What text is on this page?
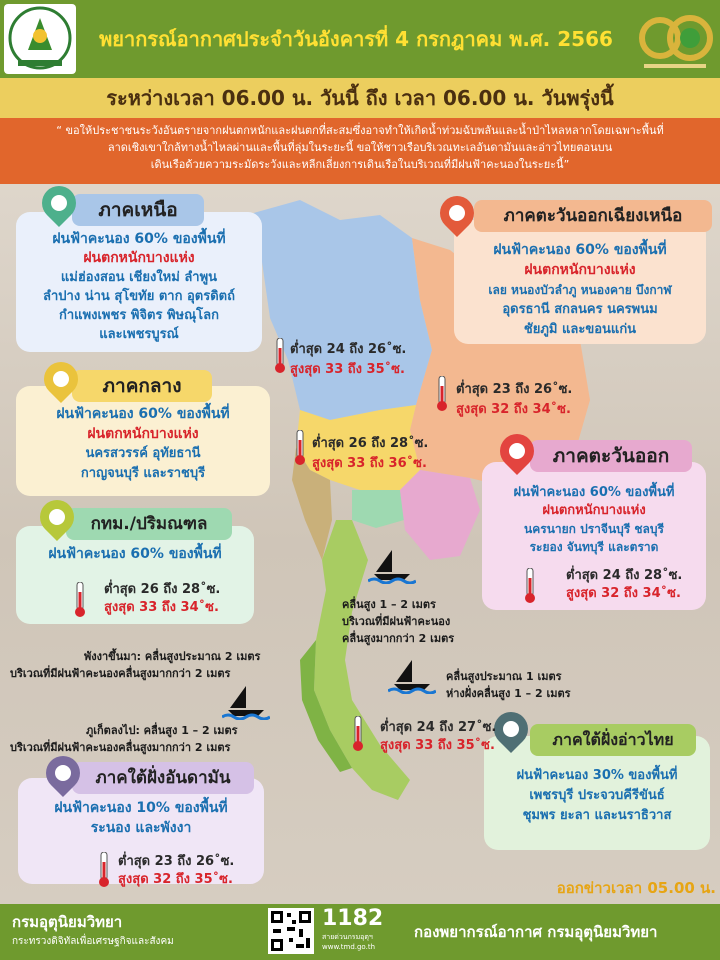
พยากรณ์อากาศประจำวันอังคารที่ 4 กรกฎาคม พ.ศ. 2566
ระหว่างเวลา 06.00 น. วันนี้ ถึง เวลา 06.00 น. วันพรุ่งนี้
“ ขอให้ประชาชนระวังอันตรายจากฝนตกหนักและฝนตกที่สะสมซึ่งอาจทำให้เกิดน้ำท่วมฉับพลันและน้ำป่าไหลหลากโดยเฉพาะพื้นที่
ลาดเชิงเขาใกล้ทางน้ำไหลผ่านและพื้นที่ลุ่มในระยะนี้ ขอให้ชาวเรือบริเวณทะเลอันดามันและอ่าวไทยตอนบน
เดินเรือด้วยความระมัดระวังและหลีกเลี่ยงการเดินเรือในบริเวณที่มีฝนฟ้าคะนองในระยะนี้”
ฝนฟ้าคะนอง 60% ของพื้นที่
ฝนตกหนักบางแห่ง
แม่ฮ่องสอน เชียงใหม่ ลำพูน
ลำปาง น่าน สุโขทัย ตาก อุตรดิตถ์
กำแพงเพชร พิจิตร พิษณุโลก
และเพชรบูรณ์
ภาคเหนือ
ฝนฟ้าคะนอง 60% ของพื้นที่
ฝนตกหนักบางแห่ง
เลย หนองบัวลำภู หนองคาย บึงกาฬ
อุดรธานี สกลนคร นครพนม
ชัยภูมิ และขอนแก่น
ภาคตะวันออกเฉียงเหนือ
ฝนฟ้าคะนอง 60% ของพื้นที่
ฝนตกหนักบางแห่ง
นครสวรรค์ อุทัยธานี
กาญจนบุรี และราชบุรี
ภาคกลาง
ฝนฟ้าคะนอง 60% ของพื้นที่
ฝนตกหนักบางแห่ง
นครนายก ปราจีนบุรี ชลบุรี
ระยอง จันทบุรี และตราด
ภาคตะวันออก
ฝนฟ้าคะนอง 60% ของพื้นที่
กทม./ปริมณฑล
ฝนฟ้าคะนอง 10% ของพื้นที่
ระนอง และพังงา
ภาคใต้ฝั่งอันดามัน	ฝนฟ้าคะนอง 30% ของพื้นที่
เพชรบุรี ประจวบคีรีขันธ์
ชุมพร ยะลา และนราธิวาส
ภาคใต้ฝั่งอ่าวไทย
ต่ำสุด 24 ถึง 26˚ซ.
สูงสุด 33 ถึง 35˚ซ.
ต่ำสุด 23 ถึง 26˚ซ.
สูงสุด 32 ถึง 34˚ซ.
ต่ำสุด 26 ถึง 28˚ซ.
สูงสุด 33 ถึง 36˚ซ.
ต่ำสุด 24 ถึง 28˚ซ.
สูงสุด 32 ถึง 34˚ซ.
ต่ำสุด 26 ถึง 28˚ซ.
สูงสุด 33 ถึง 34˚ซ.
ต่ำสุด 24 ถึง 27˚ซ.
สูงสุด 33 ถึง 35˚ซ.
ต่ำสุด 23 ถึง 26˚ซ.
สูงสุด 32 ถึง 35˚ซ.
คลื่นสูง 1 – 2 เมตร
บริเวณที่มีฝนฟ้าคะนอง
คลื่นสูงมากกว่า 2 เมตร
คลื่นสูงประมาณ 1 เมตร
ห่างฝั่งคลื่นสูง 1 – 2 เมตร
พังงาขึ้นมา: คลื่นสูงประมาณ 2 เมตร
บริเวณที่มีฝนฟ้าคะนองคลื่นสูงมากกว่า 2 เมตร
ภูเก็ตลงไป: คลื่นสูง 1 – 2 เมตร
บริเวณที่มีฝนฟ้าคะนองคลื่นสูงมากกว่า 2 เมตร
ออกข่าวเวลา 05.00 น.
กรมอุตุนิยมวิทยา
กระทรวงดิจิทัลเพื่อเศรษฐกิจและสังคม
1182
สายด่วนกรมอุตุฯ
www.tmd.go.th
กองพยากรณ์อากาศ กรมอุตุนิยมวิทยา
